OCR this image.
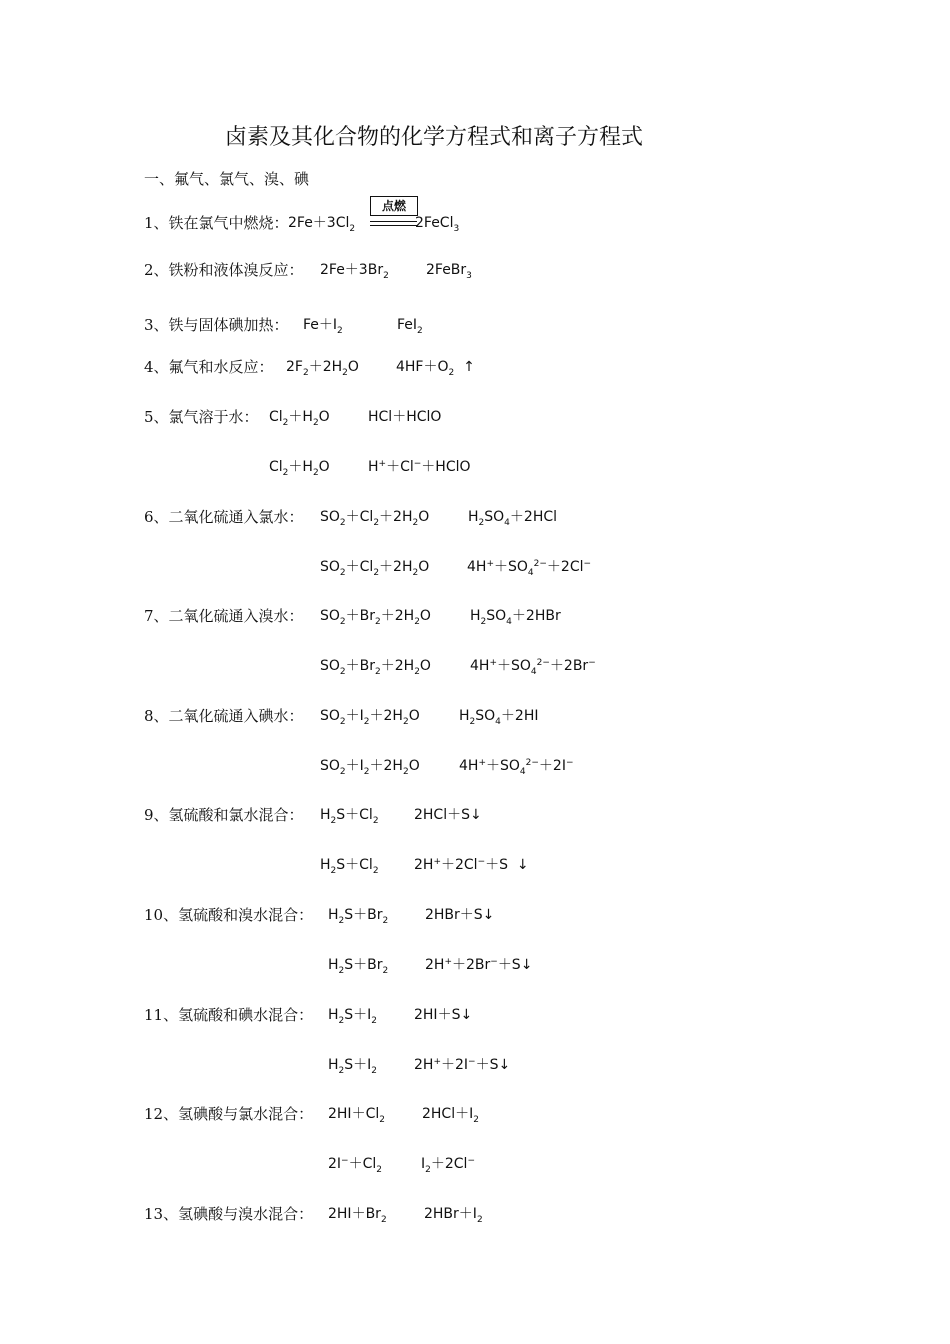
卤素及其化合物的化学方程式和离子方程式
一、氟气、氯气、溴、碘
1、铁在氯气中燃烧： $2Fe+3Cl_2$	2FeCl$_3$
点燃
2、铁粉和液体溴反应： $2Fe+3Br_2$	2FeBr$_3$
3、铁与固体碘加热： $Fe+I_2$	FeI$_2$
4、氟气和水反应： $2F_2+2H_2O$	$4HF+O_2$  ↑
5、氯气溶于水： $Cl_2+H_2O$	HCl＋HClO
$Cl_2+H_2O$	H+＋Cl−＋HClO
6、二氧化硫通入氯水： $SO_2+Cl_2+2H_2O$	$H_2SO_4+2HCl$
$SO_2+Cl_2+2H_2O$	$4H^++SO_4^{2-}+2Cl^-$
7、二氧化硫通入溴水： $SO_2+Br_2+2H_2O$	$H_2SO_4+2HBr$
$SO_2+Br_2+2H_2O$	$4H^++SO_4^{2-}+2Br^-$
8、二氧化硫通入碘水： $SO_2+I_2+2H_2O$	$H_2SO_4+2HI$
$SO_2+I_2+2H_2O$	$4H^++SO_4^{2-}+2I^-$
9、氢硫酸和氯水混合： $H_2S+Cl_2$	2HCl＋S↓
$H_2S+Cl_2$	2H+＋2Cl−＋S  ↓
10、氢硫酸和溴水混合： $H_2S+Br_2$	2HBr＋S↓
$H_2S+Br_2$	2H+＋2Br−＋S↓
11、氢硫酸和碘水混合： $H_2S+I_2$	2HI＋S↓
$H_2S+I_2$	2H+＋2I−＋S↓
12、氢碘酸与氯水混合： $2HI+Cl_2$	$2HCl+I_2$
$2I^-+Cl_2$	$I_2+2Cl^-$
13、氢碘酸与溴水混合： $2HI+Br_2$	$2HBr+I_2$
